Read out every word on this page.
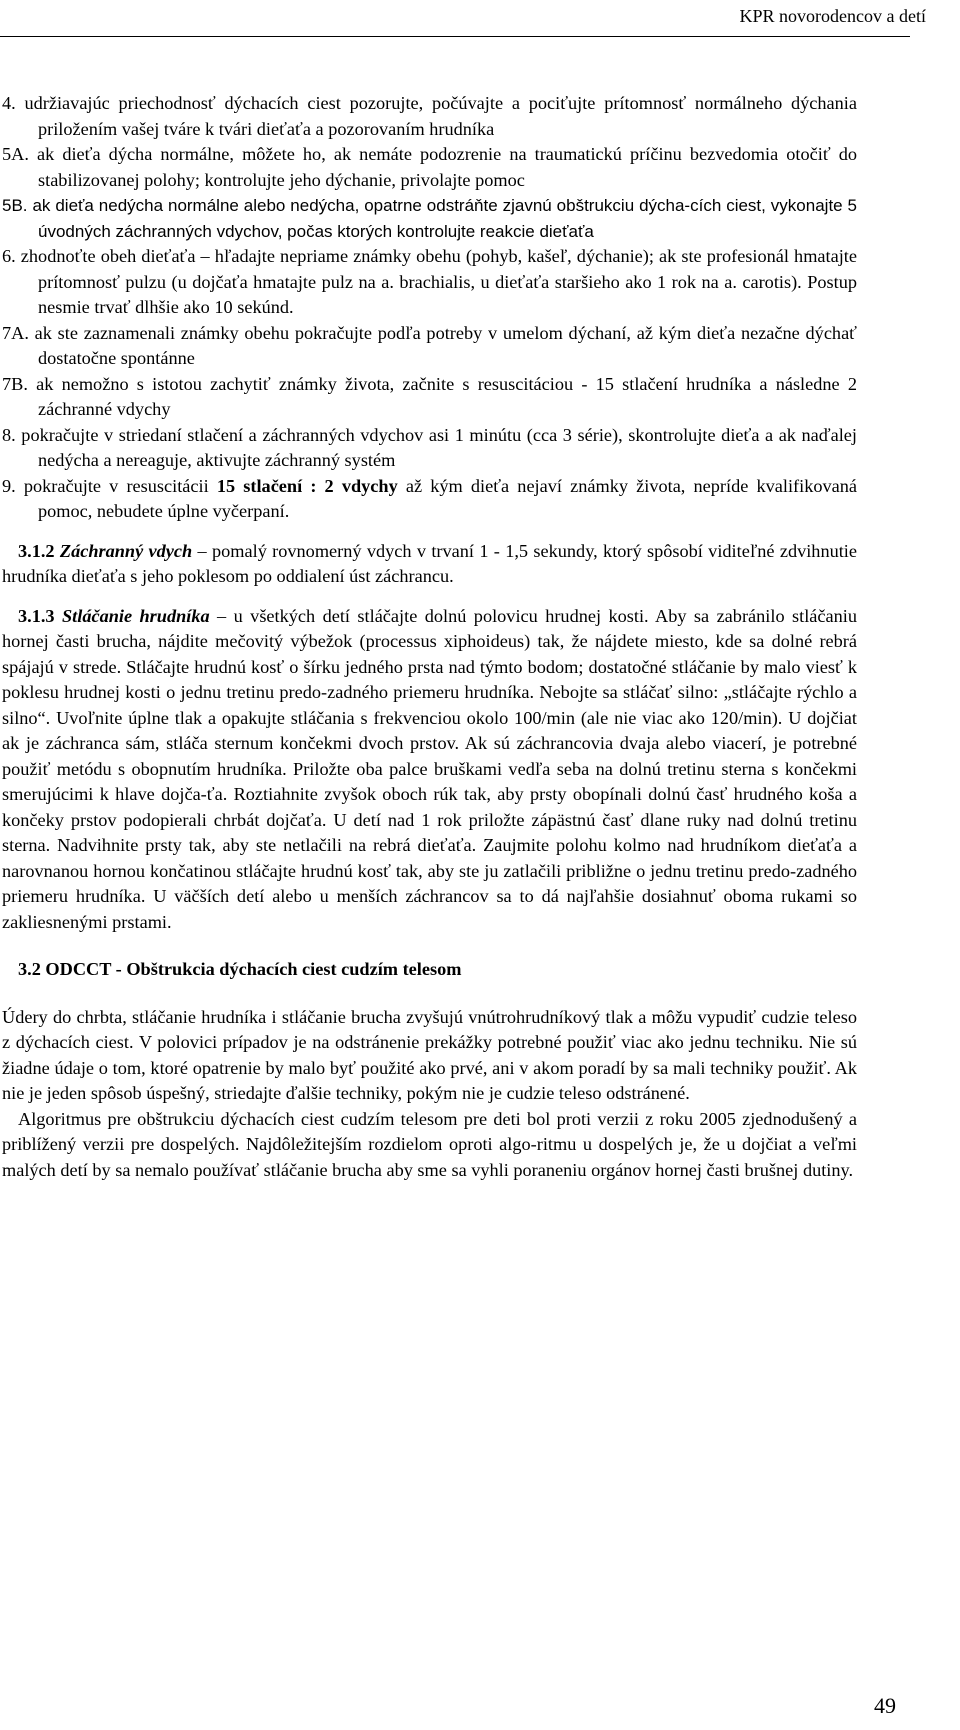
KPR novorodencov a detí

4. udržiavajúc priechodnosť dýchacích ciest pozorujte, počúvajte a pociťujte prítomnosť normálneho dýchania priložením vašej tváre k tvári dieťaťa a pozorovaním hrudníka

5A. ak dieťa dýcha normálne, môžete ho, ak nemáte podozrenie na traumatickú príčinu bezvedomia otočiť do stabilizovanej polohy; kontrolujte jeho dýchanie, privolajte pomoc

5B. ak dieťa nedýcha normálne alebo nedýcha, opatrne odstráňte zjavnú obštrukciu dýcha-cích ciest, vykonajte 5 úvodných záchranných vdychov, počas ktorých kontrolujte reakcie dieťaťa

6. zhodnoťte obeh dieťaťa – hľadajte nepriame známky obehu (pohyb, kašeľ, dýchanie); ak ste profesionál hmatajte prítomnosť pulzu (u dojčaťa hmatajte pulz na a. brachialis, u dieťaťa staršieho ako 1 rok na a. carotis). Postup nesmie trvať dlhšie ako 10 sekúnd.

7A. ak ste zaznamenali známky obehu pokračujte podľa potreby v umelom dýchaní, až kým dieťa nezačne dýchať dostatočne spontánne

7B. ak nemožno s istotou zachytiť známky života, začnite s resuscitáciou - 15 stlačení hrudníka a následne 2 záchranné vdychy

8. pokračujte v striedaní stlačení a záchranných vdychov asi 1 minútu (cca 3 série), skontrolujte dieťa a ak naďalej nedýcha a nereaguje, aktivujte záchranný systém

9. pokračujte v resuscitácii 15 stlačení : 2 vdychy až kým dieťa nejaví známky života, nepríde kvalifikovaná pomoc, nebudete úplne vyčerpaní.

3.1.2 Záchranný vdych – pomalý rovnomerný vdych v trvaní 1 - 1,5 sekundy, ktorý spôsobí viditeľné zdvihnutie hrudníka dieťaťa s jeho poklesom po oddialení úst záchrancu.

3.1.3 Stláčanie hrudníka – u všetkých detí stláčajte dolnú polovicu hrudnej kosti. Aby sa zabránilo stláčaniu hornej časti brucha, nájdite mečovitý výbežok (processus xiphoideus) tak, že nájdete miesto, kde sa dolné rebrá spájajú v strede. Stláčajte hrudnú kosť o šírku jedného prsta nad týmto bodom; dostatočné stláčanie by malo viesť k poklesu hrudnej kosti o jednu tretinu predo-zadného priemeru hrudníka. Nebojte sa stláčať silno: „stláčajte rýchlo a silno“. Uvoľnite úplne tlak a opakujte stláčania s frekvenciou okolo 100/min (ale nie viac ako 120/min). U dojčiat ak je záchranca sám, stláča sternum končekmi dvoch prstov. Ak sú záchrancovia dvaja alebo viacerí, je potrebné použiť metódu s obopnutím hrudníka. Priložte oba palce bruškami vedľa seba na dolnú tretinu sterna s končekmi smerujúcimi k hlave dojča-ťa. Roztiahnite zvyšok oboch rúk tak, aby prsty obopínali dolnú časť hrudného koša a končeky prstov podopierali chrbát dojčaťa. U detí nad 1 rok priložte zápästnú časť dlane ruky nad dolnú tretinu sterna. Nadvihnite prsty tak, aby ste netlačili na rebrá dieťaťa. Zaujmite polohu kolmo nad hrudníkom dieťaťa a narovnanou hornou končatinou stláčajte hrudnú kosť tak, aby ste ju zatlačili približne o jednu tretinu predo-zadného priemeru hrudníka. U väčších detí alebo u menších záchrancov sa to dá najľahšie dosiahnuť oboma rukami so zakliesnenými prstami.

3.2 ODCCT - Obštrukcia dýchacích ciest cudzím telesom

Údery do chrbta, stláčanie hrudníka i stláčanie brucha zvyšujú vnútrohrudníkový tlak a môžu vypudiť cudzie teleso z dýchacích ciest. V polovici prípadov je na odstránenie prekážky potrebné použiť viac ako jednu techniku. Nie sú žiadne údaje o tom, ktoré opatrenie by malo byť použité ako prvé, ani v akom poradí by sa mali techniky použiť. Ak nie je jeden spôsob úspešný, striedajte ďalšie techniky, pokým nie je cudzie teleso odstránené.

Algoritmus pre obštrukciu dýchacích ciest cudzím telesom pre deti bol proti verzii z roku 2005 zjednodušený a priblížený verzii pre dospelých. Najdôležitejším rozdielom oproti algo-ritmu u dospelých je, že u dojčiat a veľmi malých detí by sa nemalo používať stláčanie brucha aby sme sa vyhli poraneniu orgánov hornej časti brušnej dutiny.

49
